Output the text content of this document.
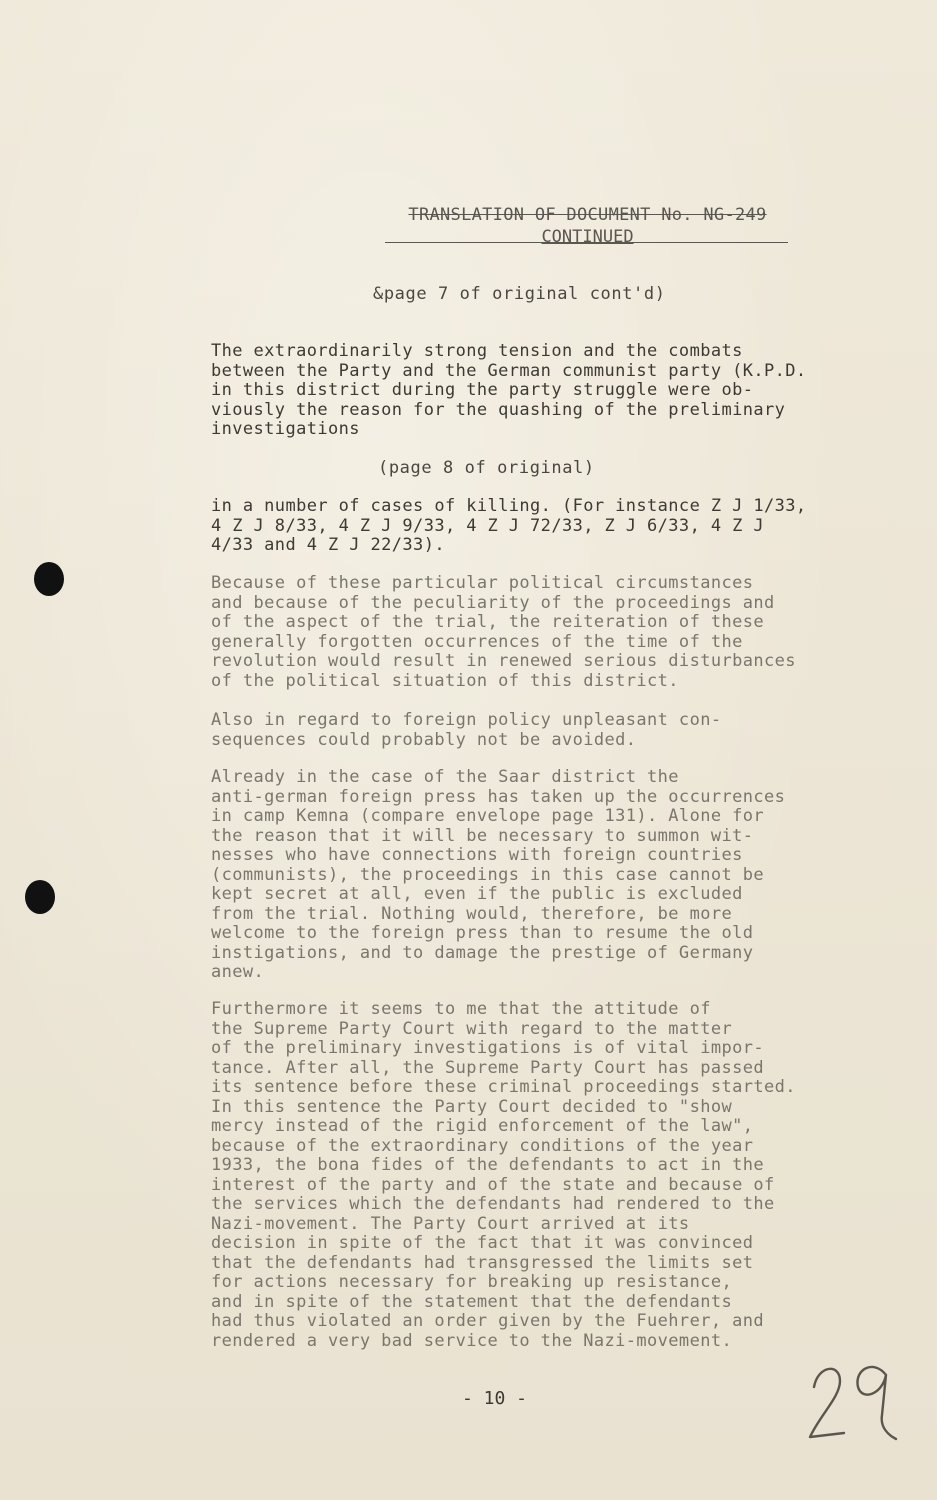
TRANSLATION OF DOCUMENT No. NG-249
CONTINUED
&page 7 of original cont'd)

The extraordinarily strong tension and the combats
between the Party and the German communist party (K.P.D.
in this district during the party struggle were ob-
viously the reason for the quashing of the preliminary
investigations

(page 8 of original)

in a number of cases of killing. (For instance Z J 1/33,
4 Z J 8/33, 4 Z J 9/33, 4 Z J 72/33, Z J 6/33, 4 Z J
4/33 and 4 Z J 22/33).

Because of these particular political circumstances
and because of the peculiarity of the proceedings and
of the aspect of the trial, the reiteration of these
generally forgotten occurrences of the time of the
revolution would result in renewed serious disturbances
of the political situation of this district.

Also in regard to foreign policy unpleasant con-
sequences could probably not be avoided.

Already in the case of the Saar district the
anti-german foreign press has taken up the occurrences
in camp Kemna (compare envelope page 131). Alone for
the reason that it will be necessary to summon wit-
nesses who have connections with foreign countries
(communists), the proceedings in this case cannot be
kept secret at all, even if the public is excluded
from the trial. Nothing would, therefore, be more
welcome to the foreign press than to resume the old
instigations, and to damage the prestige of Germany
anew.

Furthermore it seems to me that the attitude of
the Supreme Party Court with regard to the matter
of the preliminary investigations is of vital impor-
tance. After all, the Supreme Party Court has passed
its sentence before these criminal proceedings started.
In this sentence the Party Court decided to "show
mercy instead of the rigid enforcement of the law",
because of the extraordinary conditions of the year
1933, the bona fides of the defendants to act in the
interest of the party and of the state and because of
the services which the defendants had rendered to the
Nazi-movement. The Party Court arrived at its
decision in spite of the fact that it was convinced
that the defendants had transgressed the limits set
for actions necessary for breaking up resistance,
and in spite of the statement that the defendants
had thus violated an order given by the Fuehrer, and
rendered a very bad service to the Nazi-movement.

- 10 -
